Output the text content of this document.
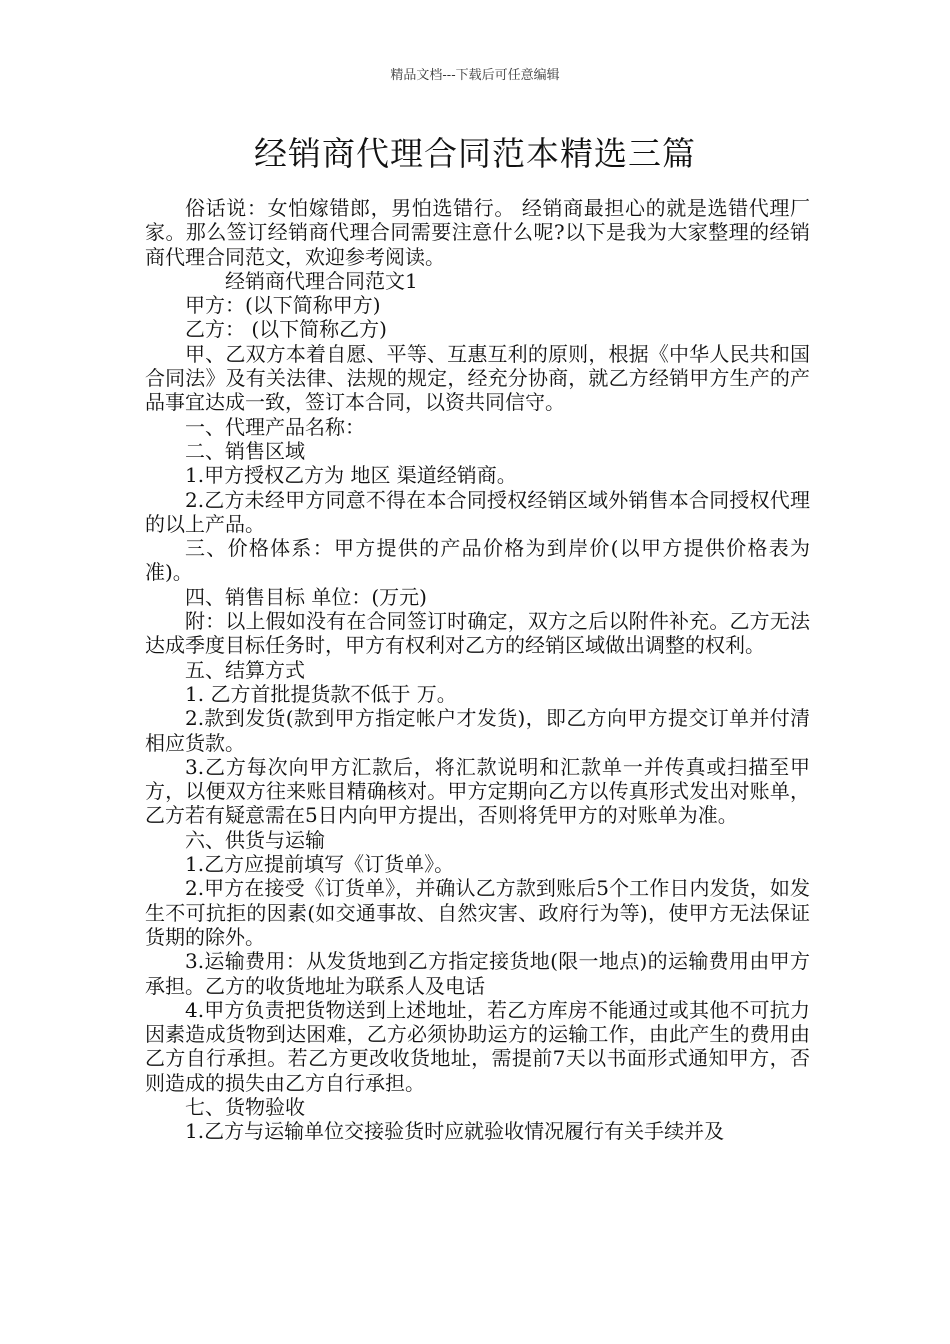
精品文档---下载后可任意编辑
经销商代理合同范本精选三篇

俗话说：女怕嫁错郎，男怕选错行。 经销商最担心的就是选错代理厂家。那么签订经销商代理合同需要注意什么呢?以下是我为大家整理的经销商代理合同范文，欢迎参考阅读。

经销商代理合同范文1

甲方：(以下简称甲方)

乙方： (以下简称乙方)

甲、乙双方本着自愿、平等、互惠互利的原则，根据《中华人民共和国合同法》及有关法律、法规的规定，经充分协商，就乙方经销甲方生产的产品事宜达成一致，签订本合同，以资共同信守。

一、代理产品名称：

二、销售区域

1.甲方授权乙方为 地区 渠道经销商。

2.乙方未经甲方同意不得在本合同授权经销区域外销售本合同授权代理的以上产品。

三、价格体系：甲方提供的产品价格为到岸价(以甲方提供价格表为准)。

四、销售目标 单位：(万元)

附：以上假如没有在合同签订时确定，双方之后以附件补充。乙方无法达成季度目标任务时，甲方有权利对乙方的经销区域做出调整的权利。

五、结算方式

1. 乙方首批提货款不低于 万。

2.款到发货(款到甲方指定帐户才发货)，即乙方向甲方提交订单并付清相应货款。

3.乙方每次向甲方汇款后，将汇款说明和汇款单一并传真或扫描至甲方，以便双方往来账目精确核对。甲方定期向乙方以传真形式发出对账单，乙方若有疑意需在5日内向甲方提出，否则将凭甲方的对账单为准。

六、供货与运输

1.乙方应提前填写《订货单》。

2.甲方在接受《订货单》，并确认乙方款到账后5个工作日内发货，如发生不可抗拒的因素(如交通事故、自然灾害、政府行为等)，使甲方无法保证货期的除外。

3.运输费用：从发货地到乙方指定接货地(限一地点)的运输费用由甲方承担。乙方的收货地址为联系人及电话

4.甲方负责把货物送到上述地址，若乙方库房不能通过或其他不可抗力因素造成货物到达困难，乙方必须协助运方的运输工作，由此产生的费用由乙方自行承担。若乙方更改收货地址，需提前7天以书面形式通知甲方，否则造成的损失由乙方自行承担。

七、货物验收

1.乙方与运输单位交接验货时应就验收情况履行有关手续并及
